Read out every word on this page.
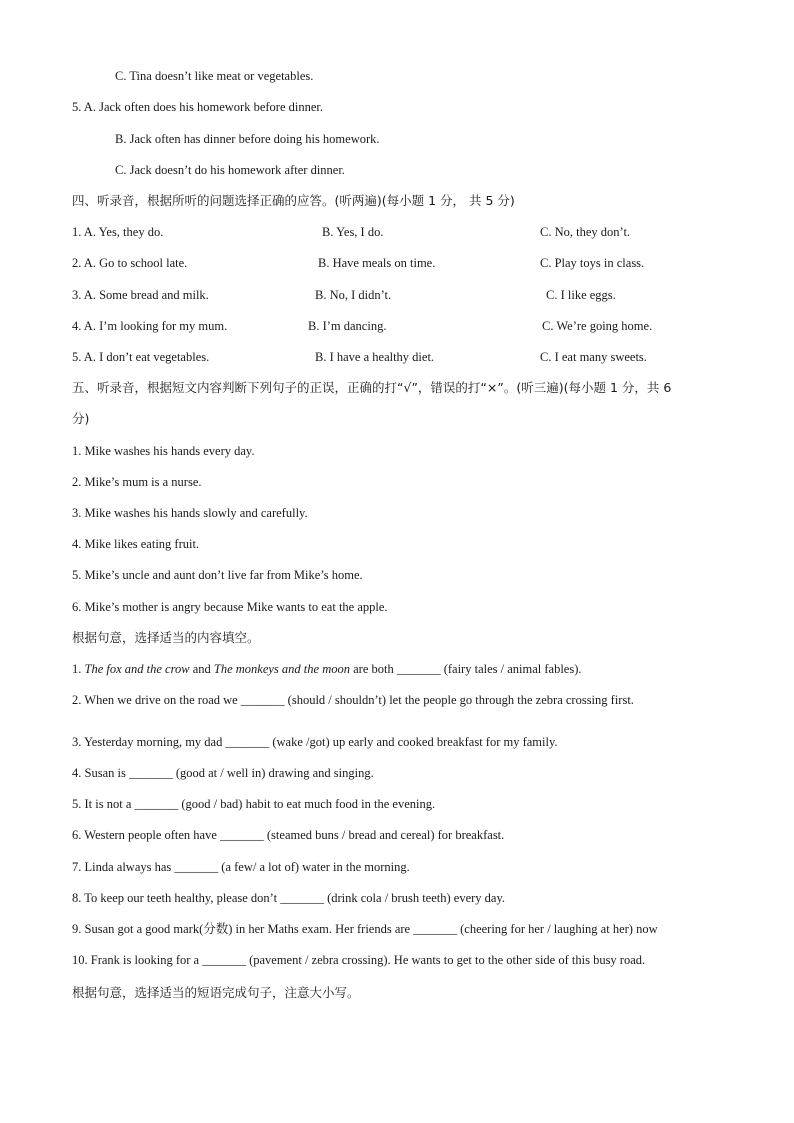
C. Tina doesn’t like meat or vegetables.
5. A. Jack often does his homework before dinner.
B. Jack often has dinner before doing his homework.
C. Jack doesn’t do his homework after dinner.
四、听录音，根据所听的问题选择正确的应答。(听两遍)(每小题 1 分， 共 5 分)
1. A. Yes, they do.	B. Yes, I do.	C. No, they don’t.
2. A. Go to school late.	B. Have meals on time.	C. Play toys in class.
3. A. Some bread and milk.	B. No, I didn’t.	C. I like eggs.
4. A. I’m looking for my mum.	B. I’m dancing.	C. We’re going home.
5. A. I don’t eat vegetables.	B. I have a healthy diet.	C. I eat many sweets.
五、听录音，根据短文内容判断下列句子的正误，正确的打“√”，错误的打“×”。(听三遍)(每小题 1 分，共 6
分)
1. Mike washes his hands every day.
2. Mike’s mum is a nurse.
3. Mike washes his hands slowly and carefully.
4. Mike likes eating fruit.
5. Mike’s uncle and aunt don’t live far from Mike’s home.
6. Mike’s mother is angry because Mike wants to eat the apple.
根据句意，选择适当的内容填空。
1. The fox and the crow and The monkeys and the moon are both _______ (fairy tales / animal fables).
2. When we drive on the road we _______ (should / shouldn’t) let the people go through the zebra crossing first.
3. Yesterday morning, my dad _______ (wake /got) up early and cooked breakfast for my family.
4. Susan is _______ (good at / well in) drawing and singing.
5. It is not a _______ (good / bad) habit to eat much food in the evening.
6. Western people often have _______ (steamed buns / bread and cereal) for breakfast.
7. Linda always has _______ (a few/ a lot of) water in the morning.
8. To keep our teeth healthy, please don’t _______ (drink cola / brush teeth) every day.
9. Susan got a good mark(分数) in her Maths exam. Her friends are _______ (cheering for her / laughing at her) now
10. Frank is looking for a _______ (pavement / zebra crossing). He wants to get to the other side of this busy road.
根据句意，选择适当的短语完成句子，注意大小写。
